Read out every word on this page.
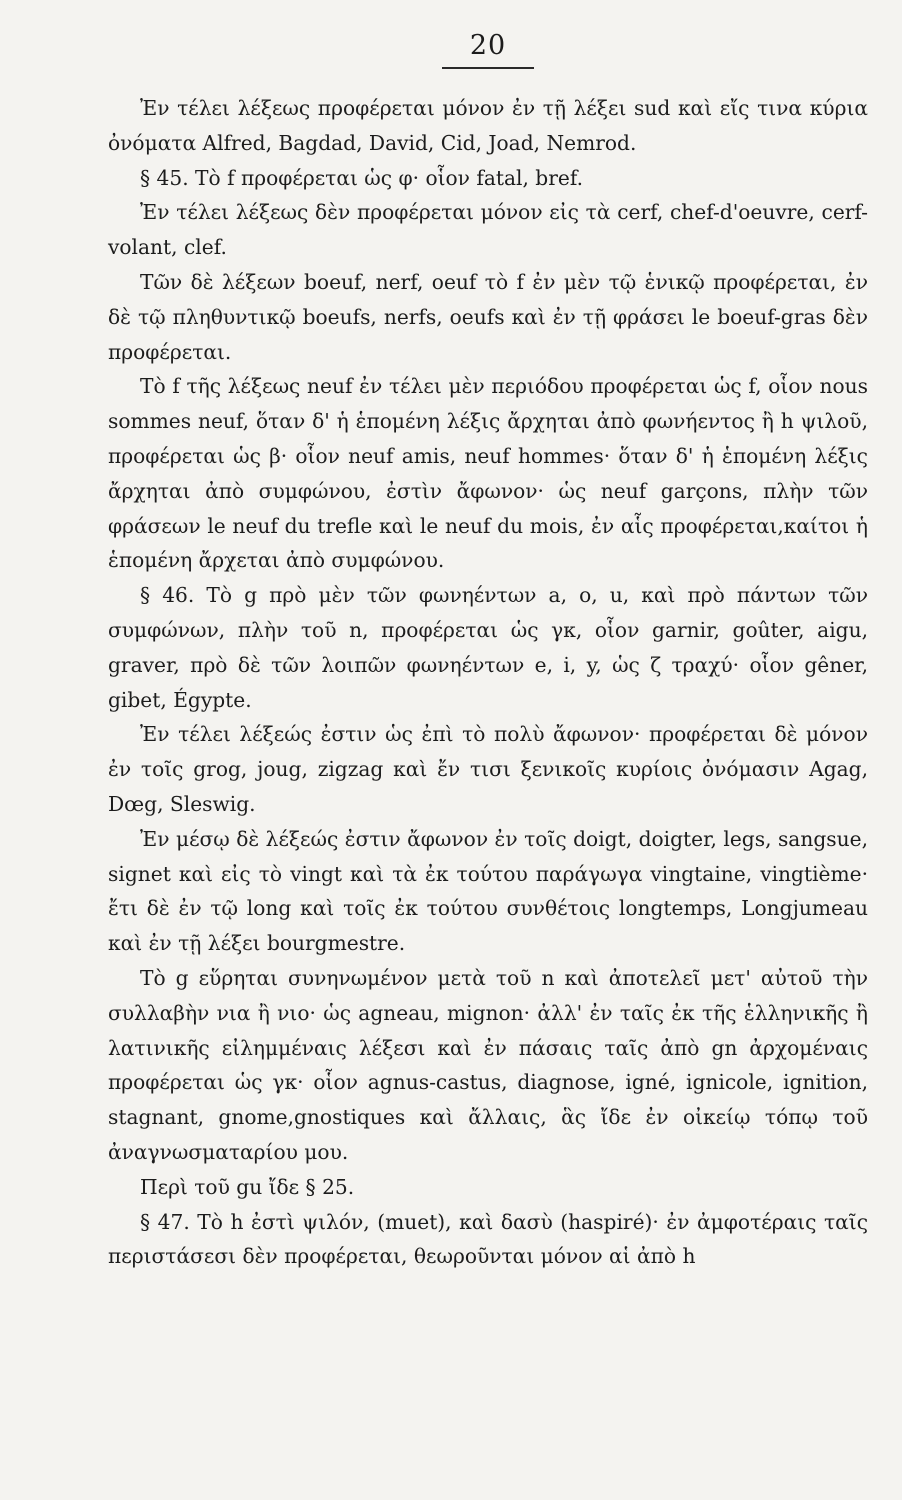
20

Ἐν τέλει λέξεως προφέρεται μόνον ἐν τῇ λέξει sud καὶ εἴς τινα κύρια ὀνόματα Alfred, Bagdad, David, Cid, Joad, Nemrod.

§ 45. Τὸ f προφέρεται ὡς φ· οἷον fatal, bref.

Ἐν τέλει λέξεως δὲν προφέρεται μόνον εἰς τὰ cerf, chef-d'oeuvre, cerf-volant, clef.

Τῶν δὲ λέξεων boeuf, nerf, oeuf τὸ f ἐν μὲν τῷ ἑνικῷ προφέρεται, ἐν δὲ τῷ πληθυντικῷ boeufs, nerfs, oeufs καὶ ἐν τῇ φράσει le boeuf-gras δὲν προφέρεται.

Τὸ f τῆς λέξεως neuf ἐν τέλει μὲν περιόδου προφέρεται ὡς f, οἷον nous sommes neuf, ὅταν δ' ἡ ἑπομένη λέξις ἄρχηται ἀπὸ φωνήεντος ἢ h ψιλοῦ, προφέρεται ὡς β· οἷον neuf amis, neuf hommes· ὅταν δ' ἡ ἑπομένη λέξις ἄρχηται ἀπὸ συμφώνου, ἐστὶν ἄφωνον· ὡς neuf garçons, πλὴν τῶν φράσεων le neuf du trefle καὶ le neuf du mois, ἐν αἷς προφέρεται,καίτοι ἡ ἑπομένη ἄρχεται ἀπὸ συμφώνου.

§ 46. Τὸ g πρὸ μὲν τῶν φωνηέντων a, o, u, καὶ πρὸ πάντων τῶν συμφώνων, πλὴν τοῦ n, προφέρεται ὡς γκ, οἷον garnir, goûter, aigu, graver, πρὸ δὲ τῶν λοιπῶν φωνηέντων e, i, y, ὡς ζ τραχύ· οἷον gêner, gibet, Égypte.

Ἐν τέλει λέξεώς ἐστιν ὡς ἐπὶ τὸ πολὺ ἄφωνον· προφέρεται δὲ μόνον ἐν τοῖς grog, joug, zigzag καὶ ἔν τισι ξενικοῖς κυρίοις ὀνόμασιν Agag, Dœg, Sleswig.

Ἐν μέσῳ δὲ λέξεώς ἐστιν ἄφωνον ἐν τοῖς doigt, doigter, legs, sangsue, signet καὶ εἰς τὸ vingt καὶ τὰ ἐκ τούτου παράγωγα vingtaine, vingtième· ἔτι δὲ ἐν τῷ long καὶ τοῖς ἐκ τούτου συνθέτοις longtemps, Longjumeau καὶ ἐν τῇ λέξει bourgmestre.

Τὸ g εὕρηται συνηνωμένον μετὰ τοῦ n καὶ ἀποτελεῖ μετ' αὐτοῦ τὴν συλλαβὴν νια ἢ νιο· ὡς agneau, mignon· ἀλλ' ἐν ταῖς ἐκ τῆς ἑλληνικῆς ἢ λατινικῆς εἰλημμέναις λέξεσι καὶ ἐν πάσαις ταῖς ἀπὸ gn ἀρχομέναις προφέρεται ὡς γκ· οἷον agnus-castus, diagnose, igné, ignicole, ignition, stagnant, gnome,gnostiques καὶ ἄλλαις, ἃς ἴδε ἐν οἰκείῳ τόπῳ τοῦ ἀναγνωσματαρίου μου.

Περὶ τοῦ gu ἴδε § 25.

§ 47. Τὸ h ἐστὶ ψιλόν, (muet), καὶ δασὺ (haspiré)· ἐν ἀμφοτέραις ταῖς περιστάσεσι δὲν προφέρεται, θεωροῦνται μόνον αἱ ἀπὸ h
